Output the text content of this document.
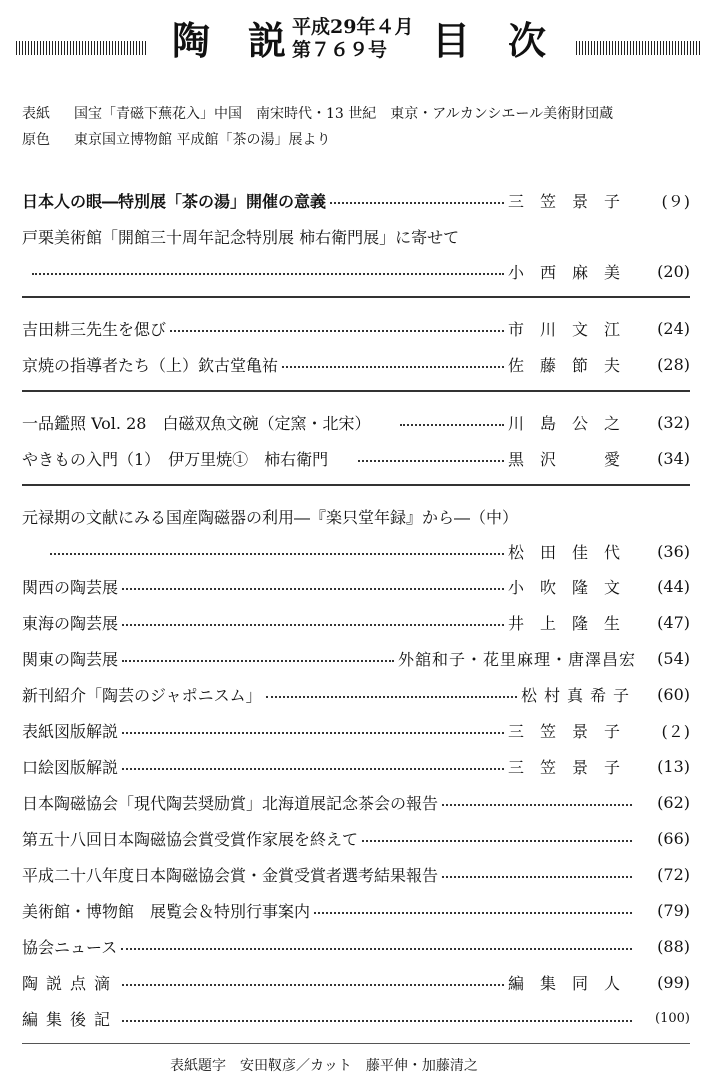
陶　説 平成29年４月
第７６９号	目　次
表紙 国宝「青磁下蕪花入」中国　南宋時代・13 世紀　東京・アルカンシエール美術財団蔵
原色 東京国立博物館 平成館「茶の湯」展より
日本人の眼―特別展「茶の湯」開催の意義	三笠景子	(９)
戸栗美術館「開館三十周年記念特別展 柿右衛門展」に寄せて
小西麻美	(20)
吉田耕三先生を偲び	市川文江	(24)
京焼の指導者たち（上）欽古堂亀祐	佐藤節夫	(28)
一品鑑照 Vol. 28　白磁双魚文碗（定窯・北宋）	川島公之	(32)
やきもの入門（1）　伊万里焼①　柿右衛門	黒沢　愛	(34)
元禄期の文献にみる国産陶磁器の利用―『楽只堂年録』から―（中）
松田佳代	(36)
関西の陶芸展	小吹隆文	(44)
東海の陶芸展	井上隆生	(47)
関東の陶芸展	外舘和子・花里麻理・唐澤昌宏	(54)
新刊紹介「陶芸のジャポニスム」	松村真希子	(60)
表紙図版解説	三笠景子	(２)
口絵図版解説	三笠景子	(13)
日本陶磁協会「現代陶芸奨励賞」北海道展記念茶会の報告	(62)
第五十八回日本陶磁協会賞受賞作家展を終えて	(66)
平成二十八年度日本陶磁協会賞・金賞受賞者選考結果報告	(72)
美術館・博物館　展覧会＆特別行事案内	(79)
協会ニュース	(88)
陶説点滴	編集同人	(99)
編集後記	(100)
表紙題字　安田靫彦／カット　藤平伸・加藤清之
